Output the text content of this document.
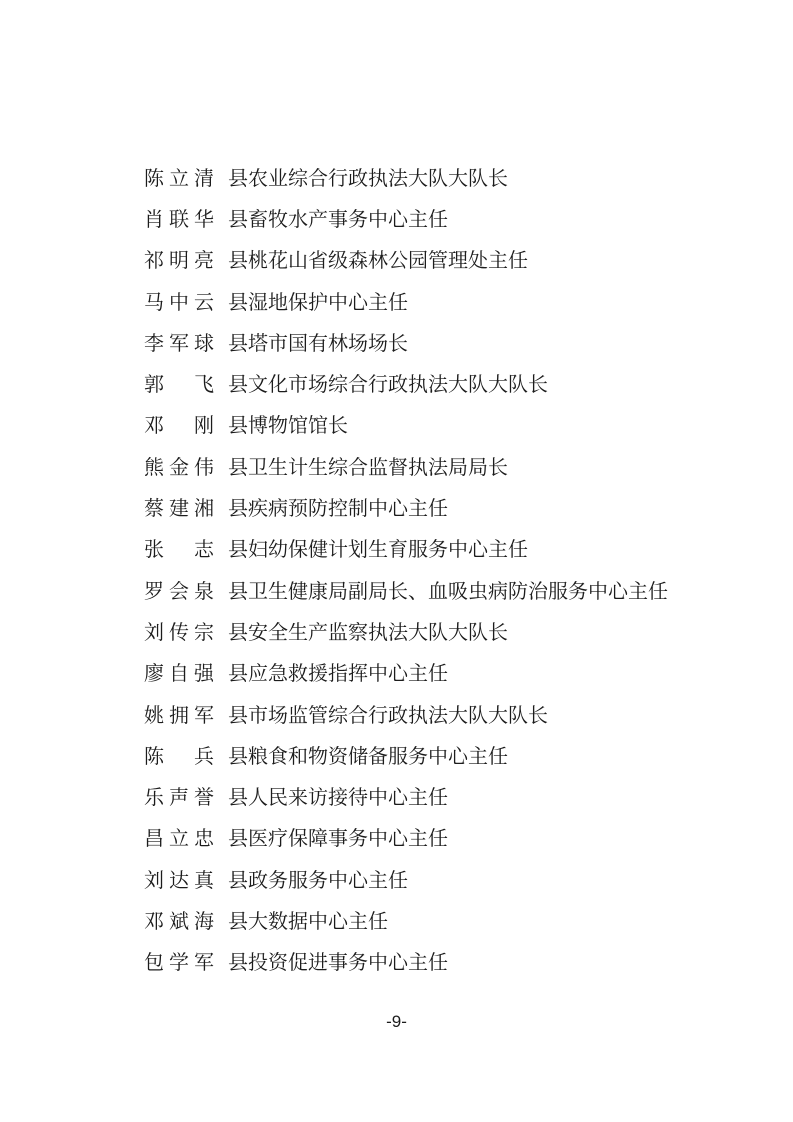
陈立清 县农业综合行政执法大队大队长
肖联华 县畜牧水产事务中心主任
祁明亮 县桃花山省级森林公园管理处主任
马中云 县湿地保护中心主任
李军球 县塔市国有林场场长
郭飞 县文化市场综合行政执法大队大队长
邓刚 县博物馆馆长
熊金伟 县卫生计生综合监督执法局局长
蔡建湘 县疾病预防控制中心主任
张志 县妇幼保健计划生育服务中心主任
罗会泉 县卫生健康局副局长、血吸虫病防治服务中心主任
刘传宗 县安全生产监察执法大队大队长
廖自强 县应急救援指挥中心主任
姚拥军 县市场监管综合行政执法大队大队长
陈兵 县粮食和物资储备服务中心主任
乐声誉 县人民来访接待中心主任
昌立忠 县医疗保障事务中心主任
刘达真 县政务服务中心主任
邓斌海 县大数据中心主任
包学军 县投资促进事务中心主任
-9-
